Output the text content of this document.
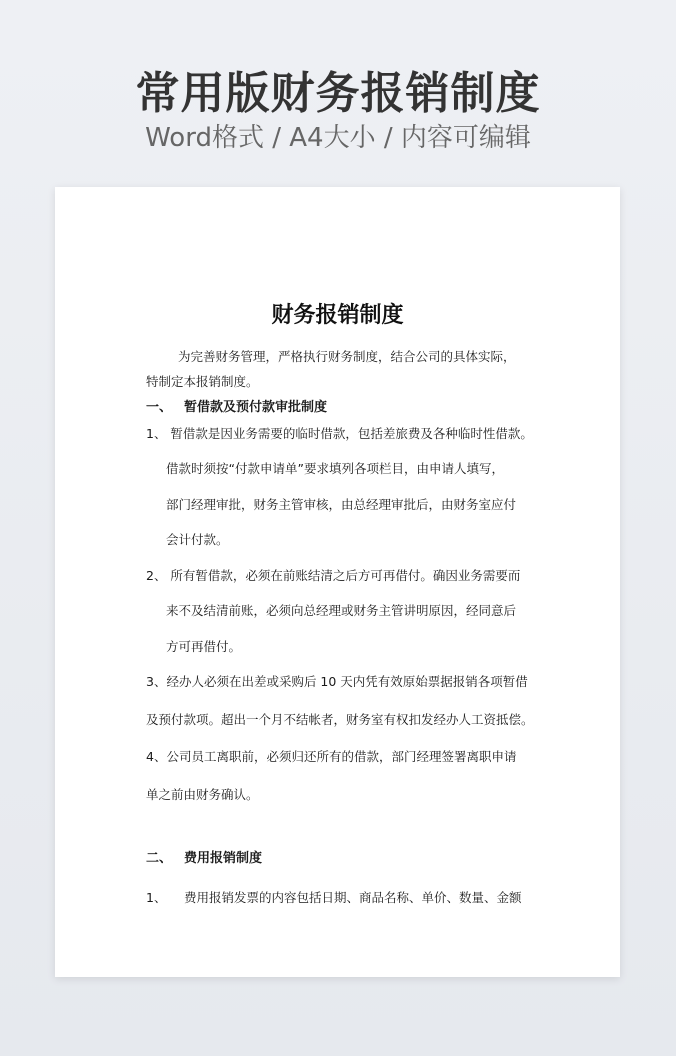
常用版财务报销制度
Word格式 / A4大小 / 内容可编辑
财务报销制度
为完善财务管理，严格执行财务制度，结合公司的具体实际，
特制定本报销制度。
一、 暂借款及预付款审批制度
1、 暂借款是因业务需要的临时借款，包括差旅费及各种临时性借款。
借款时须按“付款申请单”要求填列各项栏目，由申请人填写，
部门经理审批，财务主管审核，由总经理审批后，由财务室应付
会计付款。
2、 所有暂借款，必须在前账结清之后方可再借付。确因业务需要而
来不及结清前账，必须向总经理或财务主管讲明原因，经同意后
方可再借付。
3、经办人必须在出差或采购后 10 天内凭有效原始票据报销各项暂借
及预付款项。超出一个月不结帐者，财务室有权扣发经办人工资抵偿。
4、公司员工离职前，必须归还所有的借款，部门经理签署离职申请
单之前由财务确认。
二、 费用报销制度
1、 费用报销发票的内容包括日期、商品名称、单价、数量、金额
